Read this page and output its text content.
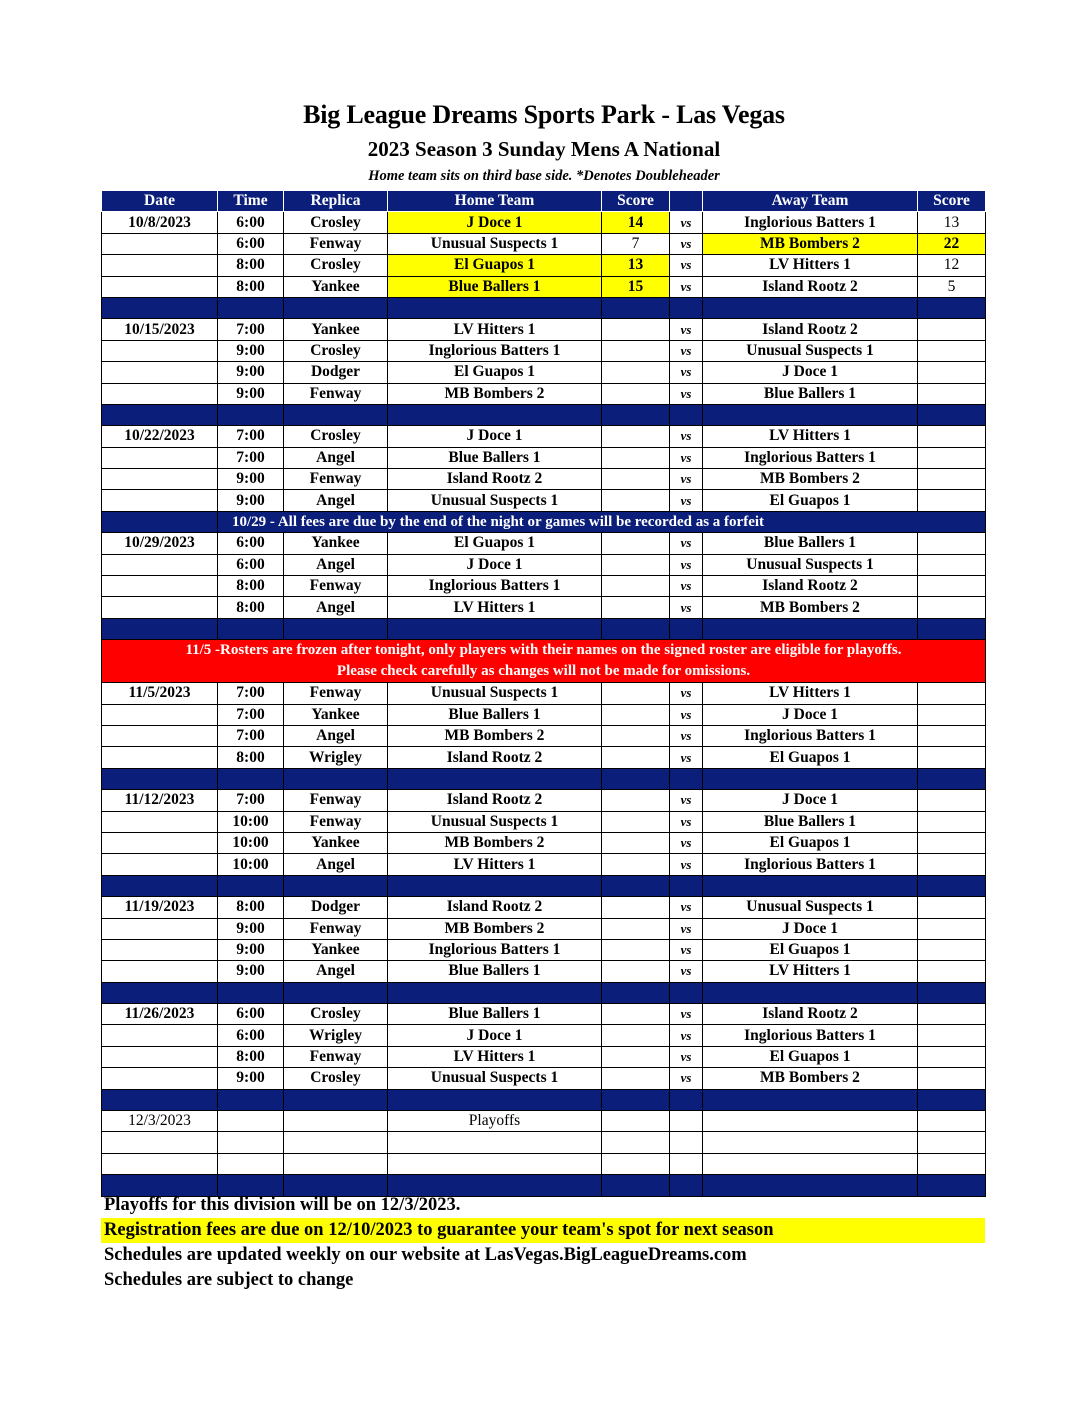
Big League Dreams Sports Park - Las Vegas
2023 Season 3 Sunday Mens A National
Home team sits on third base side. *Denotes Doubleheader
Date	Time	Replica	Home Team	Score		Away Team	Score
10/8/2023	6:00	Crosley	J Doce 1	14	vs	Inglorious Batters 1	13
	6:00	Fenway	Unusual Suspects 1	7	vs	MB Bombers 2	22
	8:00	Crosley	El Guapos 1	13	vs	LV Hitters 1	12
	8:00	Yankee	Blue Ballers 1	15	vs	Island Rootz 2	5

10/15/2023	7:00	Yankee	LV Hitters 1		vs	Island Rootz 2	
	9:00	Crosley	Inglorious Batters 1		vs	Unusual Suspects 1	
	9:00	Dodger	El Guapos 1		vs	J Doce 1	
	9:00	Fenway	MB Bombers 2		vs	Blue Ballers 1	

10/22/2023	7:00	Crosley	J Doce 1		vs	LV Hitters 1	
	7:00	Angel	Blue Ballers 1		vs	Inglorious Batters 1	
	9:00	Fenway	Island Rootz 2		vs	MB Bombers 2	
	9:00	Angel	Unusual Suspects 1		vs	El Guapos 1	
	10/29 - All fees are due by the end of the night or games will be recorded as a forfeit						
10/29/2023	6:00	Yankee	El Guapos 1		vs	Blue Ballers 1	
	6:00	Angel	J Doce 1		vs	Unusual Suspects 1	
	8:00	Fenway	Inglorious Batters 1		vs	Island Rootz 2	
	8:00	Angel	LV Hitters 1		vs	MB Bombers 2	

11/5 -Rosters are frozen after tonight, only players with their names on the signed roster are eligible for playoffs.
Please check carefully as changes will not be made for omissions.							

11/5/2023	7:00	Fenway	Unusual Suspects 1		vs	LV Hitters 1	
	7:00	Yankee	Blue Ballers 1		vs	J Doce 1	
	7:00	Angel	MB Bombers 2		vs	Inglorious Batters 1	
	8:00	Wrigley	Island Rootz 2		vs	El Guapos 1	

11/12/2023	7:00	Fenway	Island Rootz 2		vs	J Doce 1	
	10:00	Fenway	Unusual Suspects 1		vs	Blue Ballers 1	
	10:00	Yankee	MB Bombers 2		vs	El Guapos 1	
	10:00	Angel	LV Hitters 1		vs	Inglorious Batters 1	

11/19/2023	8:00	Dodger	Island Rootz 2		vs	Unusual Suspects 1	
	9:00	Fenway	MB Bombers 2		vs	J Doce 1	
	9:00	Yankee	Inglorious Batters 1		vs	El Guapos 1	
	9:00	Angel	Blue Ballers 1		vs	LV Hitters 1	

11/26/2023	6:00	Crosley	Blue Ballers 1		vs	Island Rootz 2	
	6:00	Wrigley	J Doce 1		vs	Inglorious Batters 1	
	8:00	Fenway	LV Hitters 1		vs	El Guapos 1	
	9:00	Crosley	Unusual Suspects 1		vs	MB Bombers 2	

12/3/2023			Playoffs				

Playoffs for this division will be on 12/3/2023.
Registration fees are due on 12/10/2023 to guarantee your team's spot for next season
Schedules are updated weekly on our website at LasVegas.BigLeagueDreams.com
Schedules are subject to change
